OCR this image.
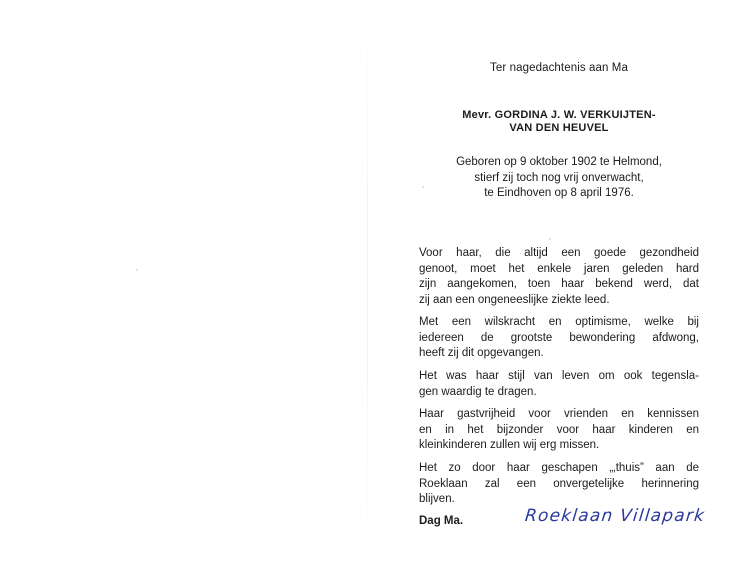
Ter nagedachtenis aan Ma
Mevr. GORDINA J. W. VERKUIJTEN-
VAN DEN HEUVEL
Geboren op 9 oktober 1902 te Helmond,
stierf zij toch nog vrij onverwacht,
te Eindhoven op 8 april 1976.
Voor haar, die altijd een goede gezondheid
genoot, moet het enkele jaren geleden hard
zijn aangekomen, toen haar bekend werd, dat
zij aan een ongeneeslijke ziekte leed.
Met een wilskracht en optimisme, welke bij
iedereen de grootste bewondering afdwong,
heeft zij dit opgevangen.
Het was haar stijl van leven om ook tegensla-
gen waardig te dragen.
Haar gastvrijheid voor vrienden en kennissen
en in het bijzonder voor haar kinderen en
kleinkinderen zullen wij erg missen.
Het zo door haar geschapen „‚thuis” aan de
Roeklaan zal een onvergetelijke herinnering
blijven.
Dag Ma.	Roeklaan Villapark
